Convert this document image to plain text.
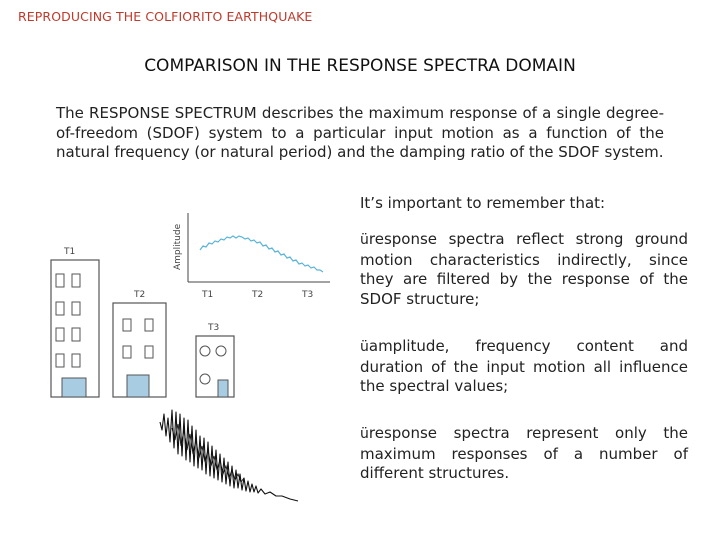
REPRODUCING THE COLFIORITO EARTHQUAKE
COMPARISON IN THE RESPONSE SPECTRA DOMAIN
The RESPONSE SPECTRUM describes the maximum response of a single degree-of-freedom (SDOF) system to a particular input motion as a function of the natural frequency (or natural period) and the damping ratio of the SDOF system.
It’s important to remember that:
üresponse spectra reflect strong ground motion characteristics indirectly, since they are filtered by the response of the SDOF structure;
üamplitude, frequency content and duration of the input motion all influence the spectral values;
üresponse spectra represent only the maximum responses of a number of different structures.
Amplitude
T1	T2	T3
T1
T2
T3
